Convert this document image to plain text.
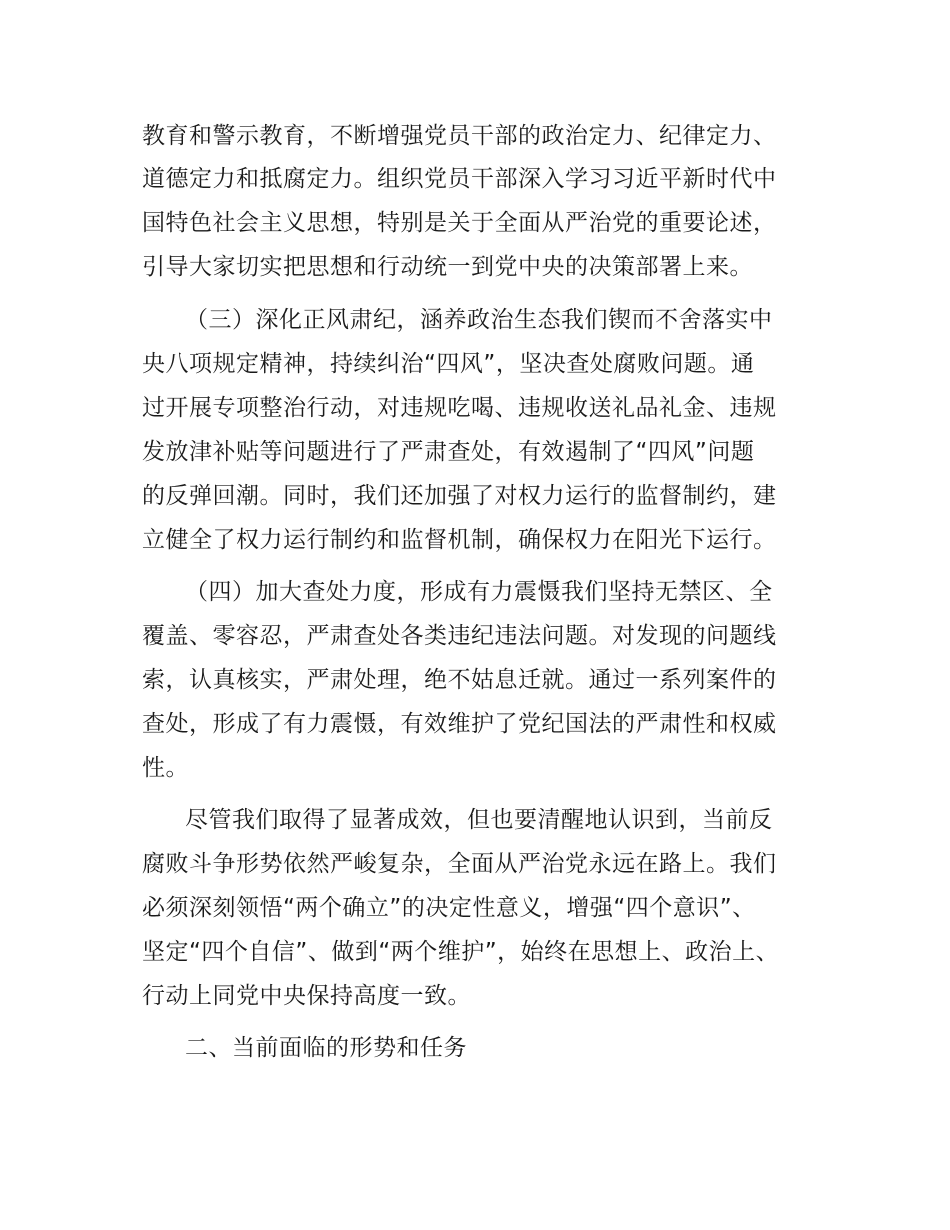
教育和警示教育，不断增强党员干部的政治定力、纪律定力、
道德定力和抵腐定力。组织党员干部深入学习习近平新时代中
国特色社会主义思想，特别是关于全面从严治党的重要论述，
引导大家切实把思想和行动统一到党中央的决策部署上来。
（三）深化正风肃纪，涵养政治生态我们锲而不舍落实中
央八项规定精神，持续纠治“四风”，坚决查处腐败问题。通
过开展专项整治行动，对违规吃喝、违规收送礼品礼金、违规
发放津补贴等问题进行了严肃查处，有效遏制了“四风”问题
的反弹回潮。同时，我们还加强了对权力运行的监督制约，建
立健全了权力运行制约和监督机制，确保权力在阳光下运行。
（四）加大查处力度，形成有力震慑我们坚持无禁区、全
覆盖、零容忍，严肃查处各类违纪违法问题。对发现的问题线
索，认真核实，严肃处理，绝不姑息迁就。通过一系列案件的
查处，形成了有力震慑，有效维护了党纪国法的严肃性和权威
性。
尽管我们取得了显著成效，但也要清醒地认识到，当前反
腐败斗争形势依然严峻复杂，全面从严治党永远在路上。我们
必须深刻领悟“两个确立”的决定性意义，增强“四个意识”、
坚定“四个自信”、做到“两个维护”，始终在思想上、政治上、
行动上同党中央保持高度一致。
二、当前面临的形势和任务
